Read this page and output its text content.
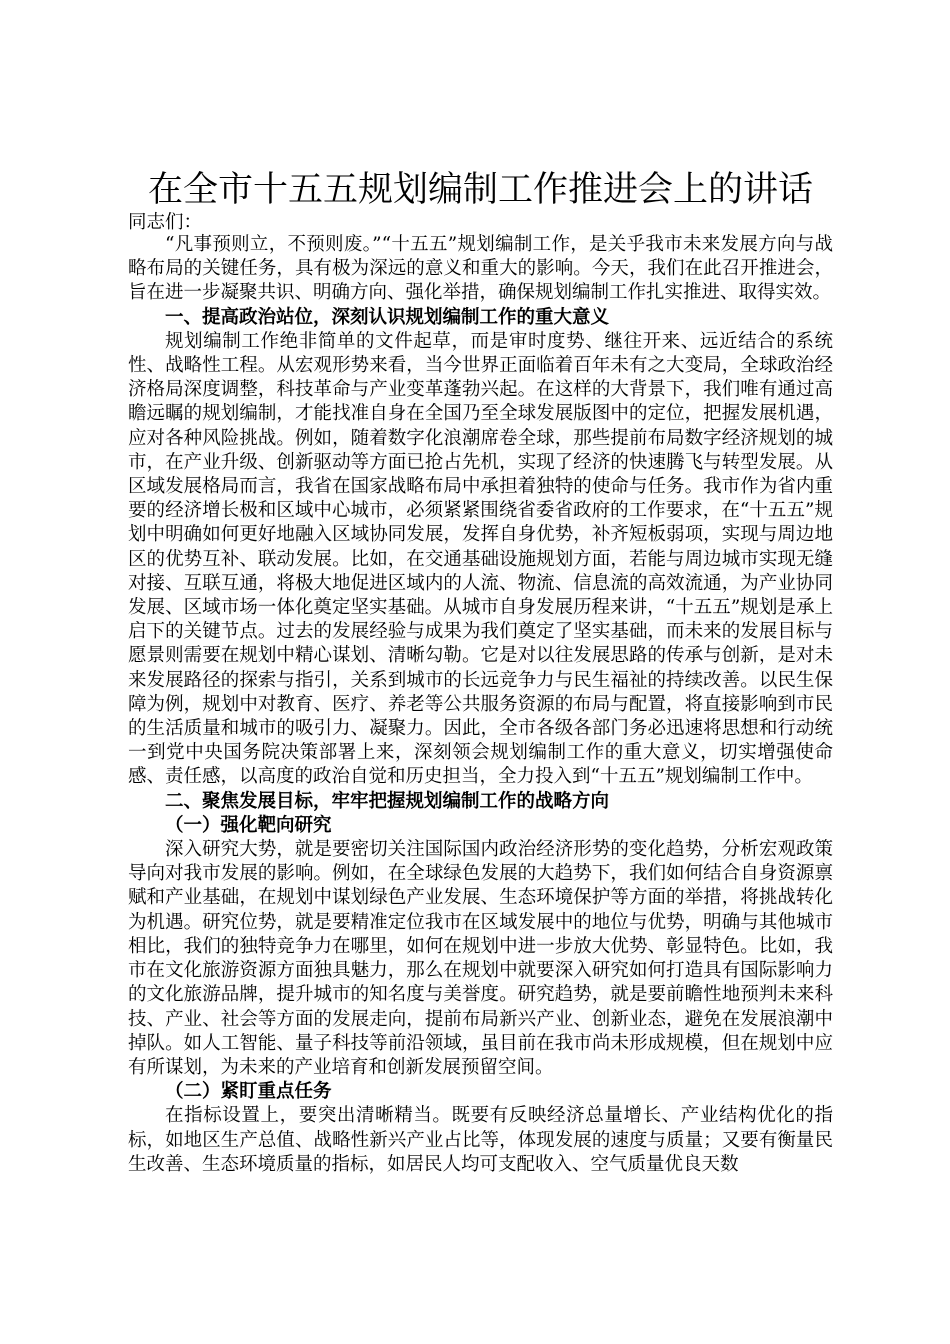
在全市十五五规划编制工作推进会上的讲话

同志们：

“凡事预则立，不预则废。”“十五五”规划编制工作，是关乎我市未来发展方向与战略布局的关键任务，具有极为深远的意义和重大的影响。今天，我们在此召开推进会，旨在进一步凝聚共识、明确方向、强化举措，确保规划编制工作扎实推进、取得实效。

一、提高政治站位，深刻认识规划编制工作的重大意义

规划编制工作绝非简单的文件起草，而是审时度势、继往开来、远近结合的系统性、战略性工程。从宏观形势来看，当今世界正面临着百年未有之大变局，全球政治经济格局深度调整，科技革命与产业变革蓬勃兴起。在这样的大背景下，我们唯有通过高瞻远瞩的规划编制，才能找准自身在全国乃至全球发展版图中的定位，把握发展机遇，应对各种风险挑战。例如，随着数字化浪潮席卷全球，那些提前布局数字经济规划的城市，在产业升级、创新驱动等方面已抢占先机，实现了经济的快速腾飞与转型发展。从区域发展格局而言，我省在国家战略布局中承担着独特的使命与任务。我市作为省内重要的经济增长极和区域中心城市，必须紧紧围绕省委省政府的工作要求，在“十五五”规划中明确如何更好地融入区域协同发展，发挥自身优势，补齐短板弱项，实现与周边地区的优势互补、联动发展。比如，在交通基础设施规划方面，若能与周边城市实现无缝对接、互联互通，将极大地促进区域内的人流、物流、信息流的高效流通，为产业协同发展、区域市场一体化奠定坚实基础。从城市自身发展历程来讲，“十五五”规划是承上启下的关键节点。过去的发展经验与成果为我们奠定了坚实基础，而未来的发展目标与愿景则需要在规划中精心谋划、清晰勾勒。它是对以往发展思路的传承与创新，是对未来发展路径的探索与指引，关系到城市的长远竞争力与民生福祉的持续改善。以民生保障为例，规划中对教育、医疗、养老等公共服务资源的布局与配置，将直接影响到市民的生活质量和城市的吸引力、凝聚力。因此，全市各级各部门务必迅速将思想和行动统一到党中央国务院决策部署上来，深刻领会规划编制工作的重大意义，切实增强使命感、责任感，以高度的政治自觉和历史担当，全力投入到“十五五”规划编制工作中。

二、聚焦发展目标，牢牢把握规划编制工作的战略方向

（一）强化靶向研究

深入研究大势，就是要密切关注国际国内政治经济形势的变化趋势，分析宏观政策导向对我市发展的影响。例如，在全球绿色发展的大趋势下，我们如何结合自身资源禀赋和产业基础，在规划中谋划绿色产业发展、生态环境保护等方面的举措，将挑战转化为机遇。研究位势，就是要精准定位我市在区域发展中的地位与优势，明确与其他城市相比，我们的独特竞争力在哪里，如何在规划中进一步放大优势、彰显特色。比如，我市在文化旅游资源方面独具魅力，那么在规划中就要深入研究如何打造具有国际影响力的文化旅游品牌，提升城市的知名度与美誉度。研究趋势，就是要前瞻性地预判未来科技、产业、社会等方面的发展走向，提前布局新兴产业、创新业态，避免在发展浪潮中掉队。如人工智能、量子科技等前沿领域，虽目前在我市尚未形成规模，但在规划中应有所谋划，为未来的产业培育和创新发展预留空间。

（二）紧盯重点任务

在指标设置上，要突出清晰精当。既要有反映经济总量增长、产业结构优化的指标，如地区生产总值、战略性新兴产业占比等，体现发展的速度与质量；又要有衡量民生改善、生态环境质量的指标，如居民人均可支配收入、空气质量优良天数
